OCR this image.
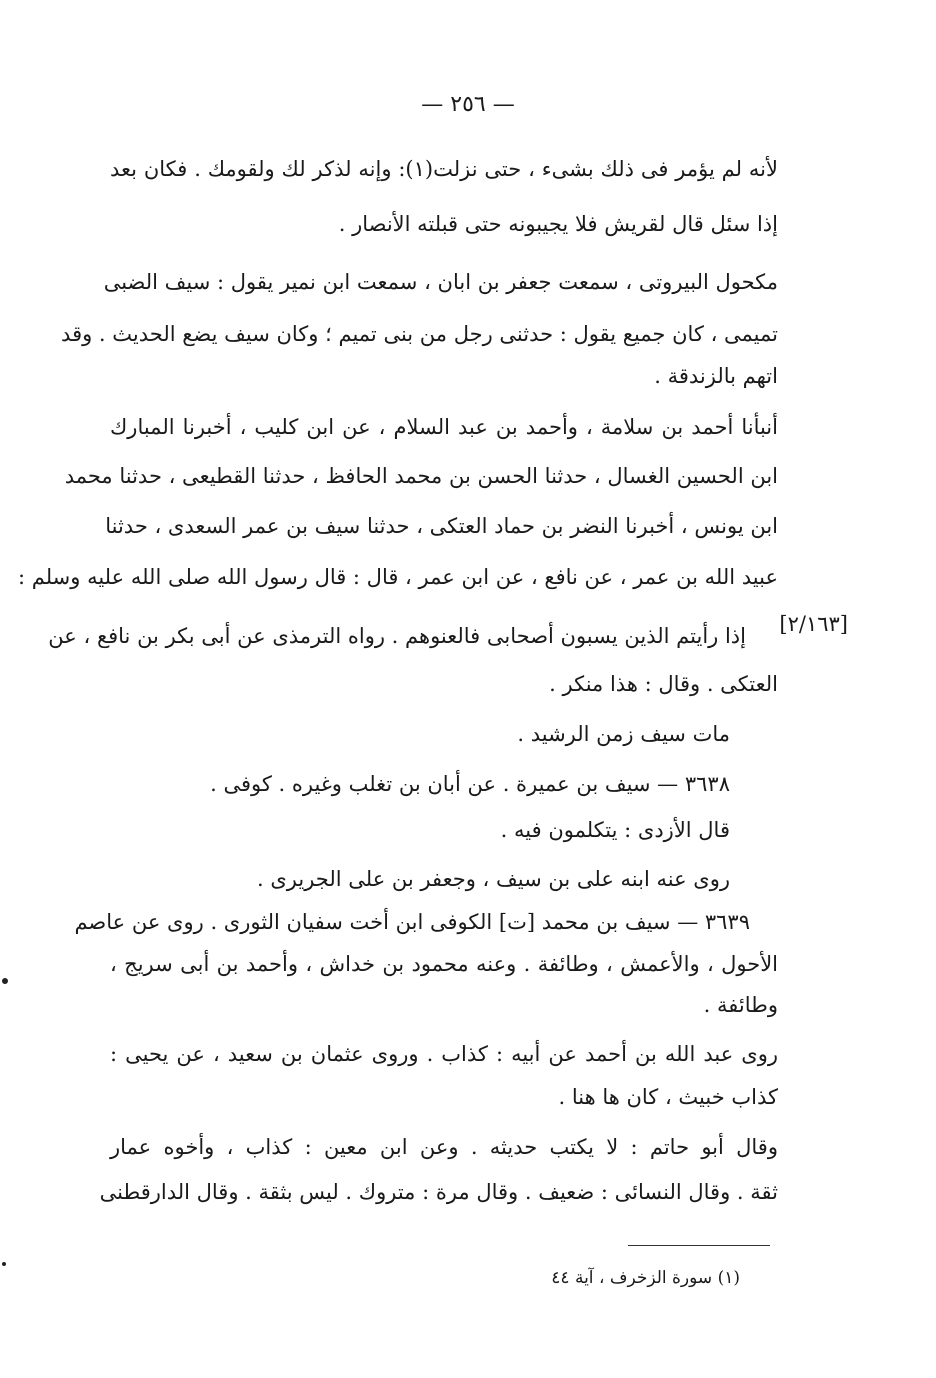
— ٢٥٦ —
لأنه لم يؤمر فى ذلك بشىء ، حتى نزلت(١): وإنه لذكر لك ولقومك . فكان بعد
إذا سئل قال لقريش فلا يجيبونه حتى قبلته الأنصار .
مكحول البيروتى ، سمعت جعفر بن ابان ، سمعت ابن نمير يقول : سيف الضبى
تميمى ، كان جميع يقول : حدثنى رجل من بنى تميم ؛ وكان سيف يضع الحديث . وقد
اتهم بالزندقة .
أنبأنا أحمد بن سلامة ، وأحمد بن عبد السلام ، عن ابن كليب ، أخبرنا المبارك
ابن الحسين الغسال ، حدثنا الحسن بن محمد الحافظ ، حدثنا القطيعى ، حدثنا محمد
ابن يونس ، أخبرنا النضر بن حماد العتكى ، حدثنا سيف بن عمر السعدى ، حدثنا
عبيد الله بن عمر ، عن نافع ، عن ابن عمر ، قال : قال رسول الله صلى الله عليه وسلم :
[٢/١٦٣]
إذا رأيتم الذين يسبون أصحابى فالعنوهم . رواه الترمذى عن أبى بكر بن نافع ، عن
العتكى . وقال : هذا منكر .
مات سيف زمن الرشيد .
٣٦٣٨ — سيف بن عميرة . عن أبان بن تغلب وغيره . كوفى .
قال الأزدى : يتكلمون فيه .
روى عنه ابنه على بن سيف ، وجعفر بن على الجريرى .
٣٦٣٩ — سيف بن محمد [ت] الكوفى ابن أخت سفيان الثورى . روى عن عاصم
الأحول ، والأعمش ، وطائفة . وعنه محمود بن خداش ، وأحمد بن أبى سريج ،
وطائفة .
روى عبد الله بن أحمد عن أبيه : كذاب . وروى عثمان بن سعيد ، عن يحيى :
كذاب خبيث ، كان ها هنا .
وقال أبو حاتم : لا يكتب حديثه . وعن ابن معين : كذاب ، وأخوه عمار
ثقة . وقال النسائى : ضعيف . وقال مرة : متروك . ليس بثقة . وقال الدارقطنى
(١) سورة الزخرف ، آية ٤٤
